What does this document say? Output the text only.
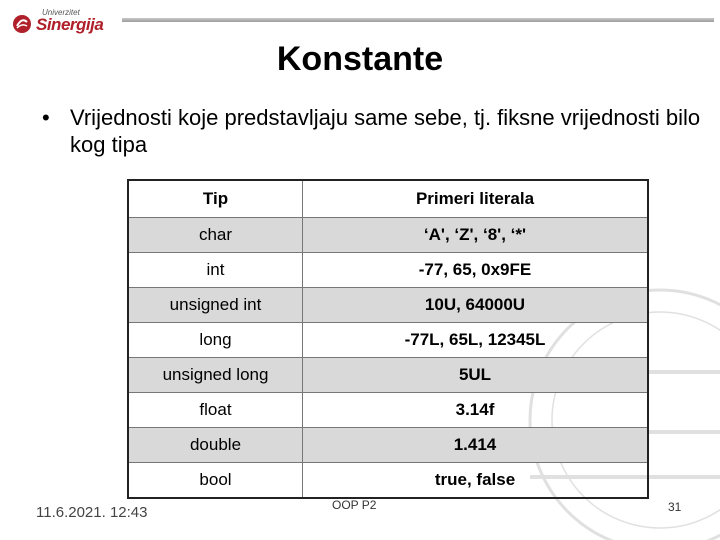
Univerzitet
Sinergija
Konstante
• Vrijednosti koje predstavljaju same sebe, tj. fiksne vrijednosti bilo kog tipa
Tip	Primeri literala
char	‘A', ‘Z', ‘8', ‘*'
int	-77, 65, 0x9FE
unsigned int	10U, 64000U
long	-77L, 65L, 12345L
unsigned long	5UL
float	3.14f
double	1.414
bool	true, false
11.6.2021. 12:43	OOP P2	31
